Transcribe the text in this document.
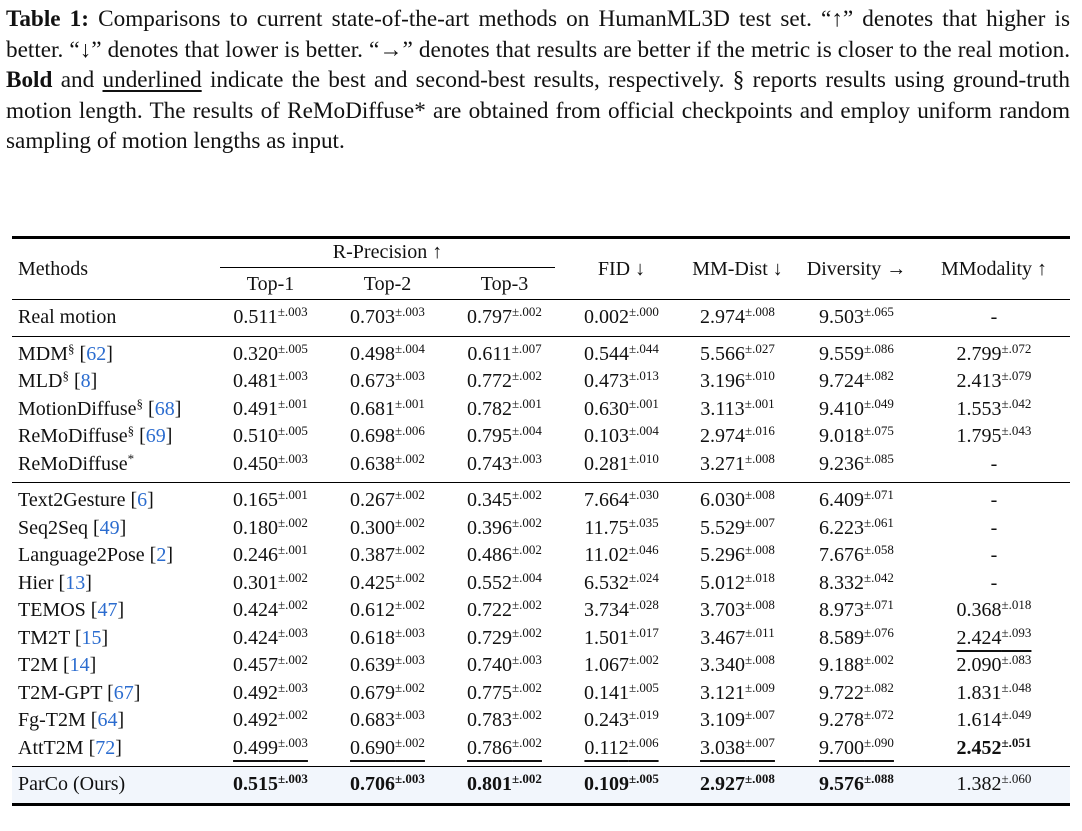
Table 1: Comparisons to current state-of-the-art methods on HumanML3D test set. “↑” denotes that higher is better. “↓” denotes that lower is better. “→” denotes that results are better if the metric is closer to the real motion. Bold and underlined indicate the best and second-best results, respectively. § reports results using ground-truth motion length. The results of ReMoDiffuse* are obtained from official checkpoints and employ uniform random sampling of motion lengths as input.
Methods	R-Precision ↑			FID ↓	MM-Dist ↓	Diversity →	MModality ↑
	Top-1	Top-2	Top-3				
Real motion	$0.511^{\pm.003}$	$0.703^{\pm.003}$	$0.797^{\pm.002}$	$0.002^{\pm.000}$	$2.974^{\pm.008}$	$9.503^{\pm.065}$	-
MDM§ [62]	$0.320^{\pm.005}$	$0.498^{\pm.004}$	$0.611^{\pm.007}$	$0.544^{\pm.044}$	$5.566^{\pm.027}$	$9.559^{\pm.086}$	$2.799^{\pm.072}$
MLD§ [8]	$0.481^{\pm.003}$	$0.673^{\pm.003}$	$0.772^{\pm.002}$	$0.473^{\pm.013}$	$3.196^{\pm.010}$	$9.724^{\pm.082}$	$2.413^{\pm.079}$
MotionDiffuse§ [68]	$0.491^{\pm.001}$	$0.681^{\pm.001}$	$0.782^{\pm.001}$	$0.630^{\pm.001}$	$3.113^{\pm.001}$	$9.410^{\pm.049}$	$1.553^{\pm.042}$
ReMoDiffuse§ [69]	$0.510^{\pm.005}$	$0.698^{\pm.006}$	$0.795^{\pm.004}$	$0.103^{\pm.004}$	$2.974^{\pm.016}$	$9.018^{\pm.075}$	$1.795^{\pm.043}$
ReMoDiffuse*	$0.450^{\pm.003}$	$0.638^{\pm.002}$	$0.743^{\pm.003}$	$0.281^{\pm.010}$	$3.271^{\pm.008}$	$9.236^{\pm.085}$	-
Text2Gesture [6]	$0.165^{\pm.001}$	$0.267^{\pm.002}$	$0.345^{\pm.002}$	$7.664^{\pm.030}$	$6.030^{\pm.008}$	$6.409^{\pm.071}$	-
Seq2Seq [49]	$0.180^{\pm.002}$	$0.300^{\pm.002}$	$0.396^{\pm.002}$	$11.75^{\pm.035}$	$5.529^{\pm.007}$	$6.223^{\pm.061}$	-
Language2Pose [2]	$0.246^{\pm.001}$	$0.387^{\pm.002}$	$0.486^{\pm.002}$	$11.02^{\pm.046}$	$5.296^{\pm.008}$	$7.676^{\pm.058}$	-
Hier [13]	$0.301^{\pm.002}$	$0.425^{\pm.002}$	$0.552^{\pm.004}$	$6.532^{\pm.024}$	$5.012^{\pm.018}$	$8.332^{\pm.042}$	-
TEMOS [47]	$0.424^{\pm.002}$	$0.612^{\pm.002}$	$0.722^{\pm.002}$	$3.734^{\pm.028}$	$3.703^{\pm.008}$	$8.973^{\pm.071}$	$0.368^{\pm.018}$
TM2T [15]	$0.424^{\pm.003}$	$0.618^{\pm.003}$	$0.729^{\pm.002}$	$1.501^{\pm.017}$	$3.467^{\pm.011}$	$8.589^{\pm.076}$	$2.424^{\pm.093}$
T2M [14]	$0.457^{\pm.002}$	$0.639^{\pm.003}$	$0.740^{\pm.003}$	$1.067^{\pm.002}$	$3.340^{\pm.008}$	$9.188^{\pm.002}$	$2.090^{\pm.083}$
T2M-GPT [67]	$0.492^{\pm.003}$	$0.679^{\pm.002}$	$0.775^{\pm.002}$	$0.141^{\pm.005}$	$3.121^{\pm.009}$	$9.722^{\pm.082}$	$1.831^{\pm.048}$
Fg-T2M [64]	$0.492^{\pm.002}$	$0.683^{\pm.003}$	$0.783^{\pm.002}$	$0.243^{\pm.019}$	$3.109^{\pm.007}$	$9.278^{\pm.072}$	$1.614^{\pm.049}$
AttT2M [72]	$0.499^{\pm.003}$	$0.690^{\pm.002}$	$0.786^{\pm.002}$	$0.112^{\pm.006}$	$3.038^{\pm.007}$	$9.700^{\pm.090}$	$2.452^{\pm.051}$
ParCo (Ours)	$0.515^{\pm.003}$	$0.706^{\pm.003}$	$0.801^{\pm.002}$	$0.109^{\pm.005}$	$2.927^{\pm.008}$	$9.576^{\pm.088}$	$1.382^{\pm.060}$
